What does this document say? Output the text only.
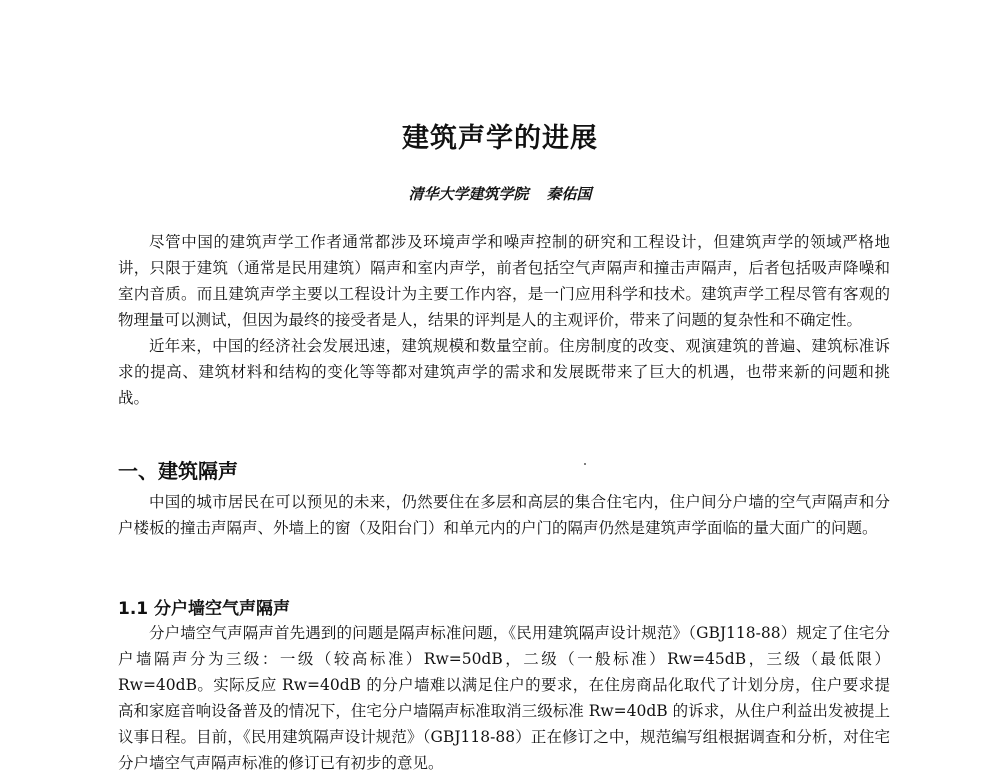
建筑声学的进展
清华大学建筑学院 秦佑国

尽管中国的建筑声学工作者通常都涉及环境声学和噪声控制的研究和工程设计，但建筑声学的领域严格地讲，只限于建筑（通常是民用建筑）隔声和室内声学，前者包括空气声隔声和撞击声隔声，后者包括吸声降噪和室内音质。而且建筑声学主要以工程设计为主要工作内容，是一门应用科学和技术。建筑声学工程尽管有客观的物理量可以测试，但因为最终的接受者是人，结果的评判是人的主观评价，带来了问题的复杂性和不确定性。

近年来，中国的经济社会发展迅速，建筑规模和数量空前。住房制度的改变、观演建筑的普遍、建筑标准诉求的提高、建筑材料和结构的变化等等都对建筑声学的需求和发展既带来了巨大的机遇，也带来新的问题和挑战。

一、建筑隔声

中国的城市居民在可以预见的未来，仍然要住在多层和高层的集合住宅内，住户间分户墙的空气声隔声和分户楼板的撞击声隔声、外墙上的窗（及阳台门）和单元内的户门的隔声仍然是建筑声学面临的量大面广的问题。

1.1 分户墙空气声隔声

分户墙空气声隔声首先遇到的问题是隔声标准问题，《民用建筑隔声设计规范》（GBJ118-88）规定了住宅分户墙隔声分为三级：一级（较高标准）Rw=50dB，二级（一般标准）Rw=45dB，三级（最低限）Rw=40dB。实际反应 Rw=40dB 的分户墙难以满足住户的要求，在住房商品化取代了计划分房，住户要求提高和家庭音响设备普及的情况下，住宅分户墙隔声标准取消三级标准 Rw=40dB 的诉求，从住户利益出发被提上议事日程。目前，《民用建筑隔声设计规范》（GBJ118-88）正在修订之中，规范编写组根据调查和分析，对住宅分户墙空气声隔声标准的修订已有初步的意见。
